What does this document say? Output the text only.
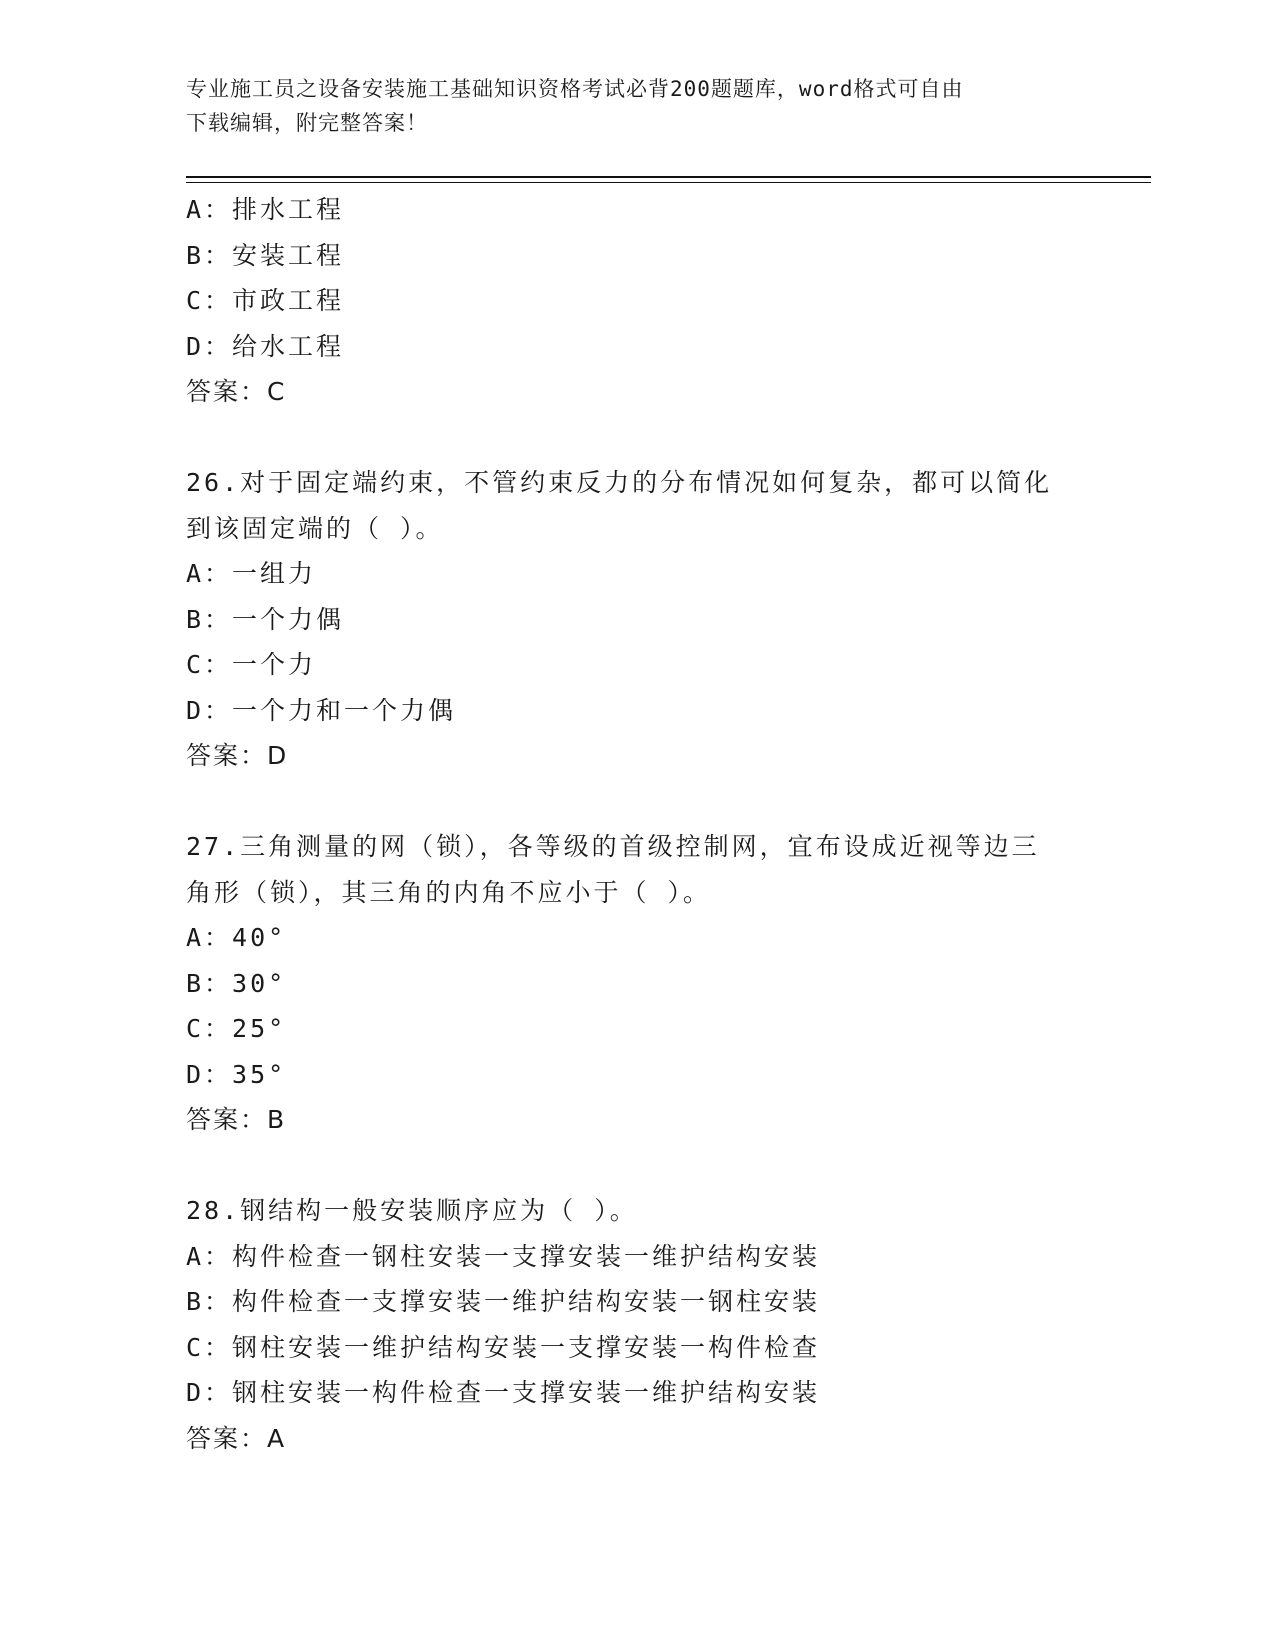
专业施工员之设备安装施工基础知识资格考试必背200题题库，word格式可自由
下载编辑，附完整答案！
A：排水工程
B：安装工程
C：市政工程
D：给水工程
答案：C
26.对于固定端约束，不管约束反力的分布情况如何复杂，都可以简化
到该固定端的（ ）。
A：一组力
B：一个力偶
C：一个力
D：一个力和一个力偶
答案：D
27.三角测量的网（锁），各等级的首级控制网，宜布设成近视等边三
角形（锁），其三角的内角不应小于（ ）。
A：40°
B：30°
C：25°
D：35°
答案：B
28.钢结构一般安装顺序应为（ ）。
A：构件检查一钢柱安装一支撑安装一维护结构安装
B：构件检查一支撑安装一维护结构安装一钢柱安装
C：钢柱安装一维护结构安装一支撑安装一构件检查
D：钢柱安装一构件检查一支撑安装一维护结构安装
答案：A
